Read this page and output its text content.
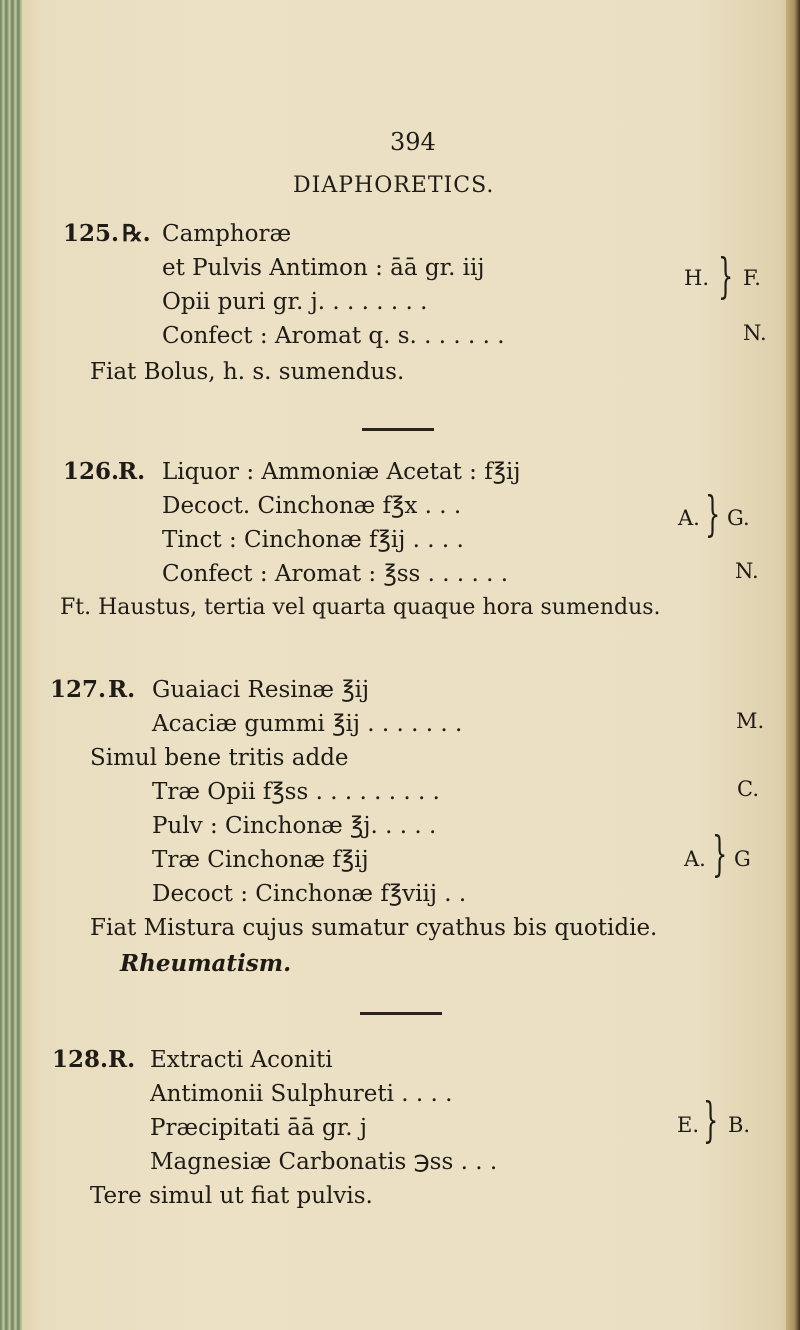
394
DIAPHORETICS.
125. ℞. Camphoræ
et Pulvis Antimon : āā gr. iij
Opii puri gr. j. . . . . . . .
Confect : Aromat q. s. . . . . . .
Fiat Bolus, h. s. sumendus.
H. } F.
N.
126.
R. Liquor : Ammoniæ Acetat : f℥ij
Decoct. Cinchonæ f℥x . . .
Tinct : Cinchonæ f℥ij . . . .
Confect : Aromat : ℥ss . . . . . .
Ft. Haustus, tertia vel quarta quaque hora sumendus.
A. } G.
N.
127. R. Guaiaci Resinæ ℥ij
Acaciæ gummi ℥ij . . . . . . .
Simul bene tritis adde
Træ Opii f℥ss . . . . . . . . .
Pulv : Cinchonæ ℥j. . . . .
Træ Cinchonæ f℥ij
Decoct : Cinchonæ f℥viij . .
Fiat Mistura cujus sumatur cyathus bis quotidie.
Rheumatism.
M.
C.
A. } G
128. R. Extracti Aconiti
Antimonii Sulphureti . . . .
Præcipitati āā gr. j
Magnesiæ Carbonatis ℈ss . . .
Tere simul ut fiat pulvis.
E. } B.
